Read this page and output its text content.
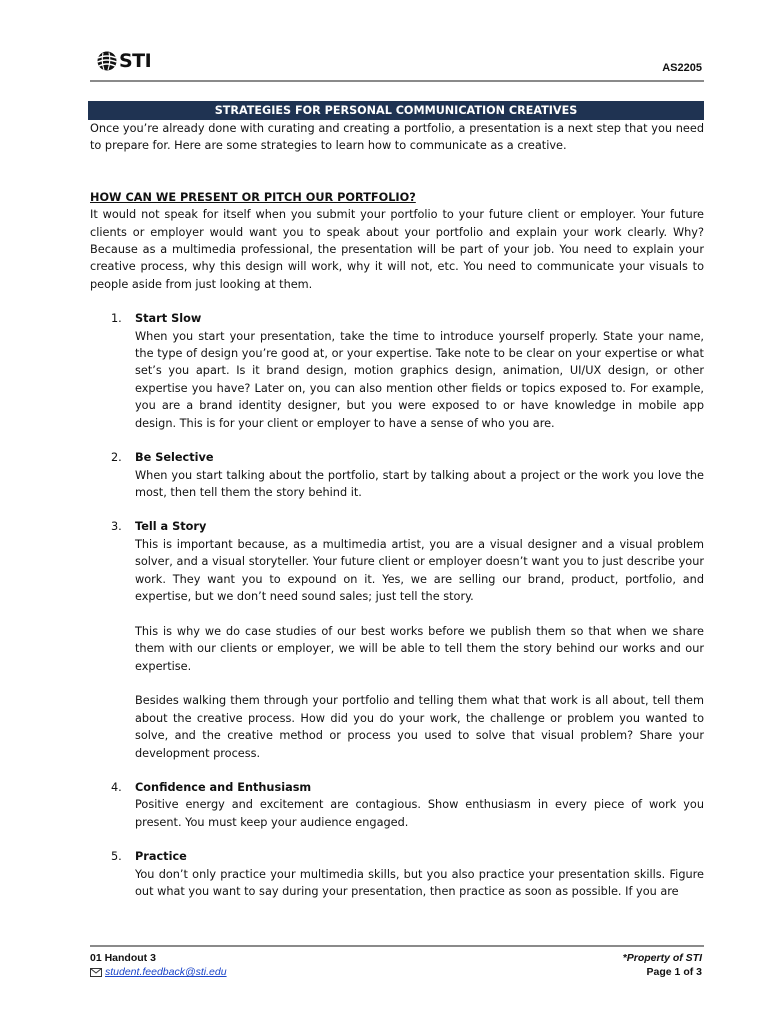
STI	AS2205
STRATEGIES FOR PERSONAL COMMUNICATION CREATIVES

Once you’re already done with curating and creating a portfolio, a presentation is a next step that you need to prepare for. Here are some strategies to learn how to communicate as a creative.

HOW CAN WE PRESENT OR PITCH OUR PORTFOLIO?

It would not speak for itself when you submit your portfolio to your future client or employer. Your future clients or employer would want you to speak about your portfolio and explain your work clearly. Why? Because as a multimedia professional, the presentation will be part of your job. You need to explain your creative process, why this design will work, why it will not, etc. You need to communicate your visuals to people aside from just looking at them.

1. Start Slow

When you start your presentation, take the time to introduce yourself properly. State your name, the type of design you’re good at, or your expertise. Take note to be clear on your expertise or what set’s you apart. Is it brand design, motion graphics design, animation, UI/UX design, or other expertise you have? Later on, you can also mention other fields or topics exposed to. For example, you are a brand identity designer, but you were exposed to or have knowledge in mobile app design. This is for your client or employer to have a sense of who you are.

2. Be Selective

When you start talking about the portfolio, start by talking about a project or the work you love the most, then tell them the story behind it.

3. Tell a Story

This is important because, as a multimedia artist, you are a visual designer and a visual problem solver, and a visual storyteller. Your future client or employer doesn’t want you to just describe your work. They want you to expound on it. Yes, we are selling our brand, product, portfolio, and expertise, but we don’t need sound sales; just tell the story.

This is why we do case studies of our best works before we publish them so that when we share them with our clients or employer, we will be able to tell them the story behind our works and our expertise.

Besides walking them through your portfolio and telling them what that work is all about, tell them about the creative process. How did you do your work, the challenge or problem you wanted to solve, and the creative method or process you used to solve that visual problem? Share your development process.

4. Confidence and Enthusiasm

Positive energy and excitement are contagious. Show enthusiasm in every piece of work you present. You must keep your audience engaged.

5. Practice

You don’t only practice your multimedia skills, but you also practice your presentation skills. Figure out what you want to say during your presentation, then practice as soon as possible. If you are

01 Handout 3
student.feedback@sti.edu
*Property of STI
Page 1 of 3
